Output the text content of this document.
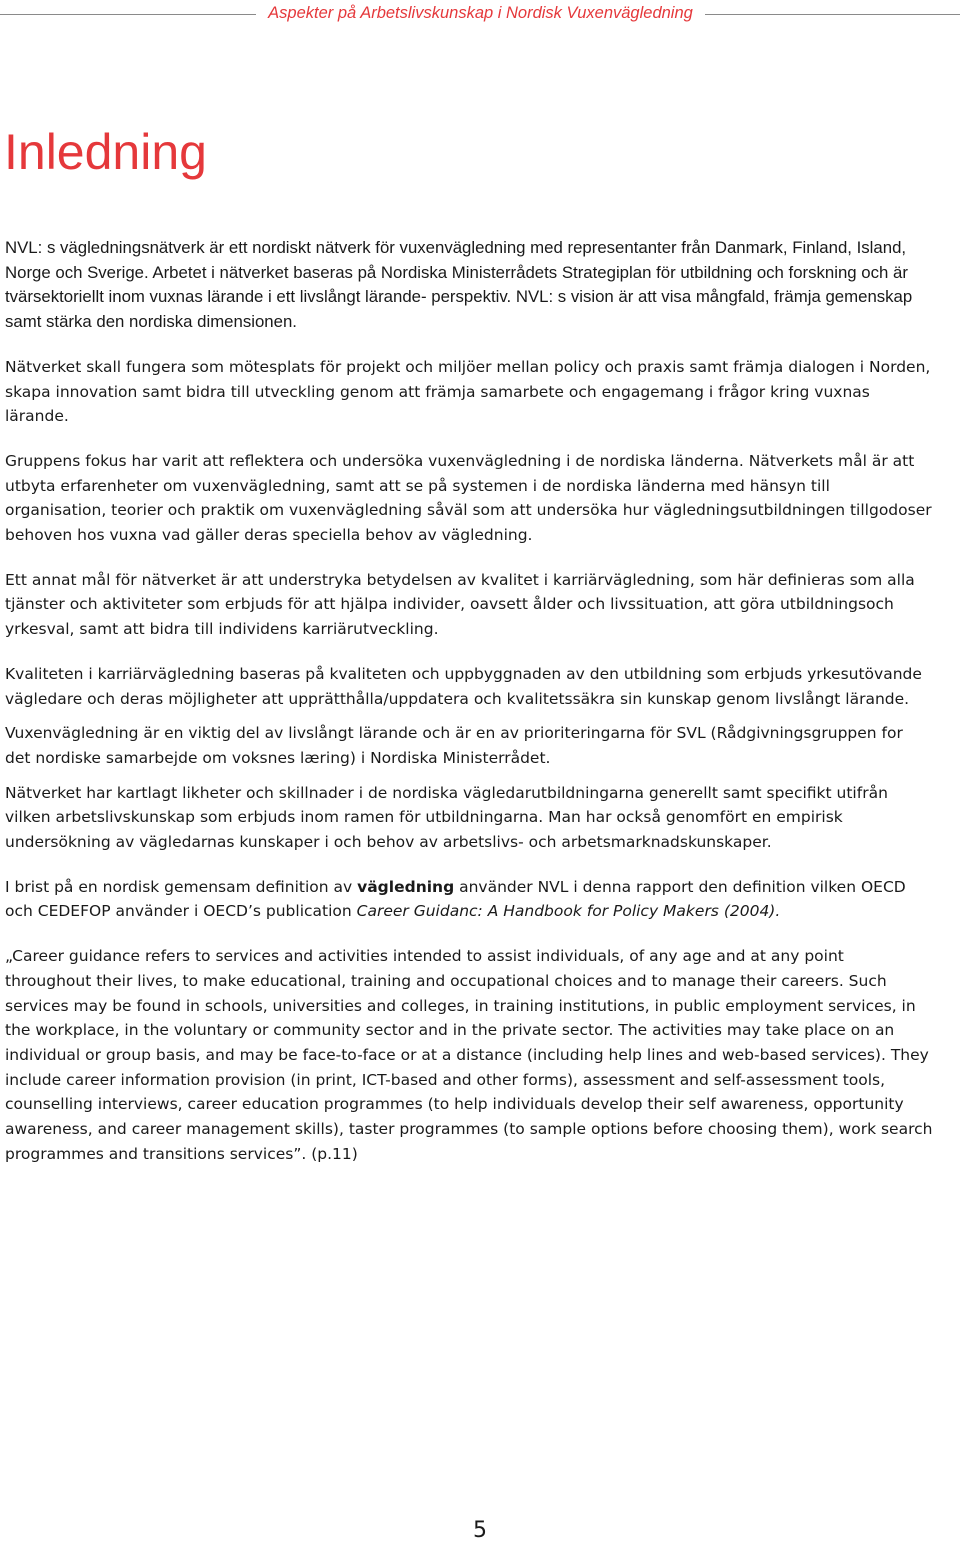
Aspekter på Arbetslivskunskap i Nordisk Vuxenvägledning
Inledning

NVL: s vägledningsnätverk är ett nordiskt nätverk för vuxenvägledning med representanter från Danmark, Finland, Island, Norge och Sverige. Arbetet i nätverket baseras på Nordiska Ministerrådets Strategiplan för utbildning och forskning och är tvärsektoriellt inom vuxnas lärande i ett livslångt lärande- perspektiv. NVL: s vision är att visa mångfald, främja gemenskap samt stärka den nordiska dimensionen.

Nätverket skall fungera som mötesplats för projekt och miljöer mellan policy och praxis samt främja dialogen i Norden, skapa innovation samt bidra till utveckling genom att främja samarbete och engagemang i frågor kring vuxnas lärande.

Gruppens fokus har varit att reflektera och undersöka vuxenvägledning i de nordiska länderna. Nätverkets mål är att utbyta erfarenheter om vuxenvägledning, samt att se på systemen i de nordiska länderna med hänsyn till organisation, teorier och praktik om vuxenvägledning såväl som att undersöka hur vägledningsutbildningen tillgodoser behoven hos vuxna vad gäller deras speciella behov av vägledning.

Ett annat mål för nätverket är att understryka betydelsen av kvalitet i karriärvägledning, som här definieras som alla tjänster och aktiviteter som erbjuds för att hjälpa individer, oavsett ålder och livssituation, att göra utbildningsoch yrkesval, samt att bidra till individens karriärutveckling.

Kvaliteten i karriärvägledning baseras på kvaliteten och uppbyggnaden av den utbildning som erbjuds yrkesutövande vägledare och deras möjligheter att upprätthålla/uppdatera och kvalitetssäkra sin kunskap genom livslångt lärande.

Vuxenvägledning är en viktig del av livslångt lärande och är en av prioriteringarna för SVL (Rådgivningsgruppen for det nordiske samarbejde om voksnes læring) i Nordiska Ministerrådet.

Nätverket har kartlagt likheter och skillnader i de nordiska vägledarutbildningarna generellt samt specifikt utifrån vilken arbetslivskunskap som erbjuds inom ramen för utbildningarna. Man har också genomfört en empirisk undersökning av vägledarnas kunskaper i och behov av arbetslivs- och arbetsmarknadskunskaper.

I brist på en nordisk gemensam definition av vägledning använder NVL i denna rapport den definition vilken OECD och CEDEFOP använder i OECD’s publication Career Guidanc: A Handbook for Policy Makers (2004).

„Career guidance refers to services and activities intended to assist individuals, of any age and at any point throughout their lives, to make educational, training and occupational choices and to manage their careers. Such services may be found in schools, universities and colleges, in training institutions, in public employment services, in the workplace, in the voluntary or community sector and in the private sector. The activities may take place on an individual or group basis, and may be face-to-face or at a distance (including help lines and web-based services). They include career information provision (in print, ICT-based and other forms), assessment and self-assessment tools, counselling interviews, career education programmes (to help individuals develop their self awareness, opportunity awareness, and career management skills), taster programmes (to sample options before choosing them), work search programmes and transitions services”. (p.11)

5
